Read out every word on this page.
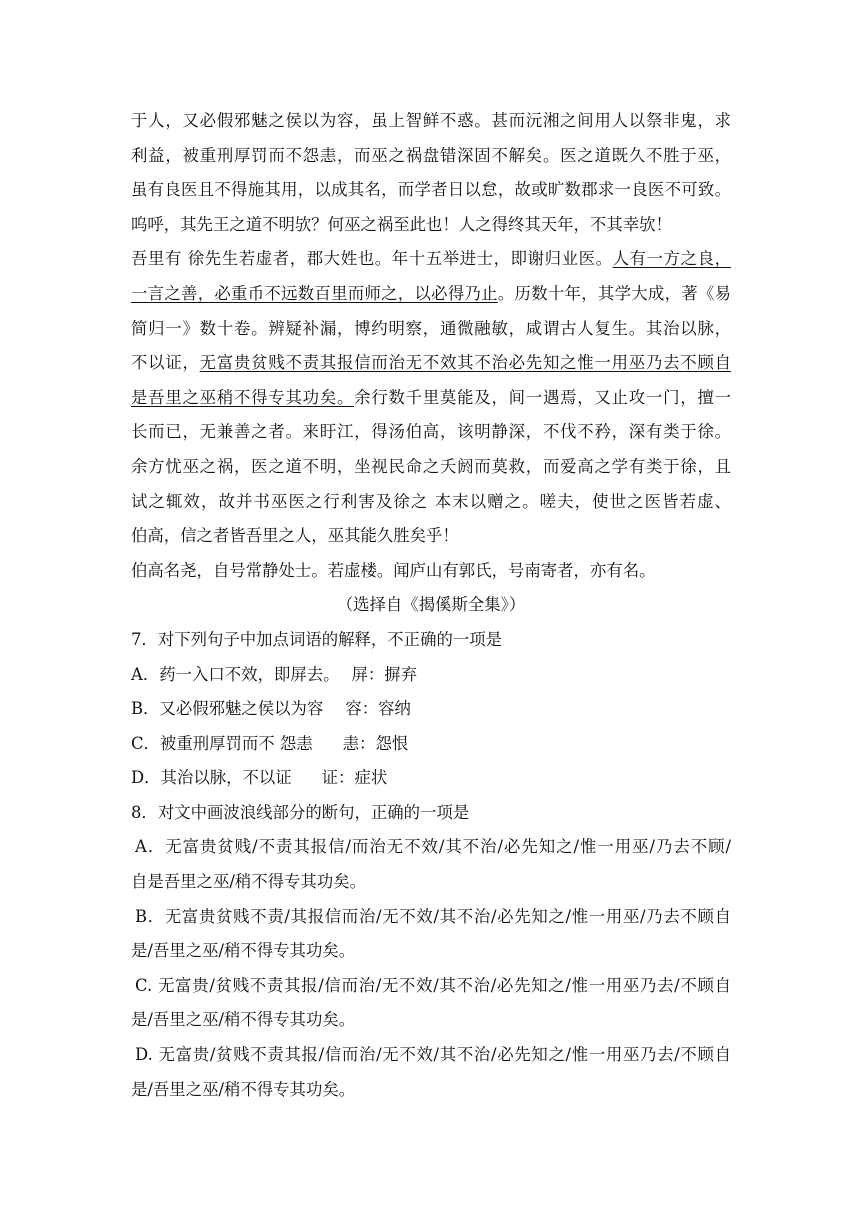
于人，又必假邪魅之侯以为容，虽上智鲜不惑。甚而沅湘之间用人以祭非鬼，求
利益，被重刑厚罚而不怨恚，而巫之祸盘错深固不解矣。医之道既久不胜于巫，
虽有良医且不得施其用，以成其名，而学者日以怠，故或旷数郡求一良医不可致。
呜呼，其先王之道不明欤？何巫之祸至此也！人之得终其天年，不其幸欤！
吾里有 徐先生若虚者，郡大姓也。年十五举进士，即谢归业医。人有一方之良，
一言之善，必重币不远数百里而师之，以必得乃止。历数十年，其学大成，著《易
简归一》数十卷。辨疑补漏，博约明察，通微融敏，咸谓古人复生。其治以脉，
不以证，无富贵贫贱不责其报信而治无不效其不治必先知之惟一用巫乃去不顾自
是吾里之巫稍不得专其功矣。余行数千里莫能及，间一遇焉，又止攻一门，擅一
长而已，无兼善之者。来盱江，得汤伯高，该明静深，不伐不矜，深有类于徐。
余方忧巫之祸，医之道不明，坐视民命之夭阏而莫救，而爱高之学有类于徐，且
试之辄效，故并书巫医之行利害及徐之 本末以赠之。嗟夫，使世之医皆若虚、
伯高，信之者皆吾里之人，巫其能久胜矣乎！
伯高名尧，自号常静处士。若虚楼。闻庐山有郭氏，号南寄者，亦有名。
（选择自《揭傒斯全集》）
7．对下列句子中加点词语的解释，不正确的一项是
A．药一入口不效，即屏去。 屏：摒弃
B．又必假邪魅之侯以为容 容：容纳
C．被重刑厚罚而不 怨恚 恚：怨恨
D．其治以脉，不以证 证：症状
8．对文中画波浪线部分的断句，正确的一项是
A．无富贵贫贱/不责其报信/而治无不效/其不治/必先知之/惟一用巫/乃去不顾/
自是吾里之巫/稍不得专其功矣。
B．无富贵贫贱不责/其报信而治/无不效/其不治/必先知之/惟一用巫/乃去不顾自
是/吾里之巫/稍不得专其功矣。
C. 无富贵/贫贱不责其报/信而治/无不效/其不治/必先知之/惟一用巫乃去/不顾自
是/吾里之巫/稍不得专其功矣。
D. 无富贵/贫贱不责其报/信而治/无不效/其不治/必先知之/惟一用巫乃去/不顾自
是/吾里之巫/稍不得专其功矣。
